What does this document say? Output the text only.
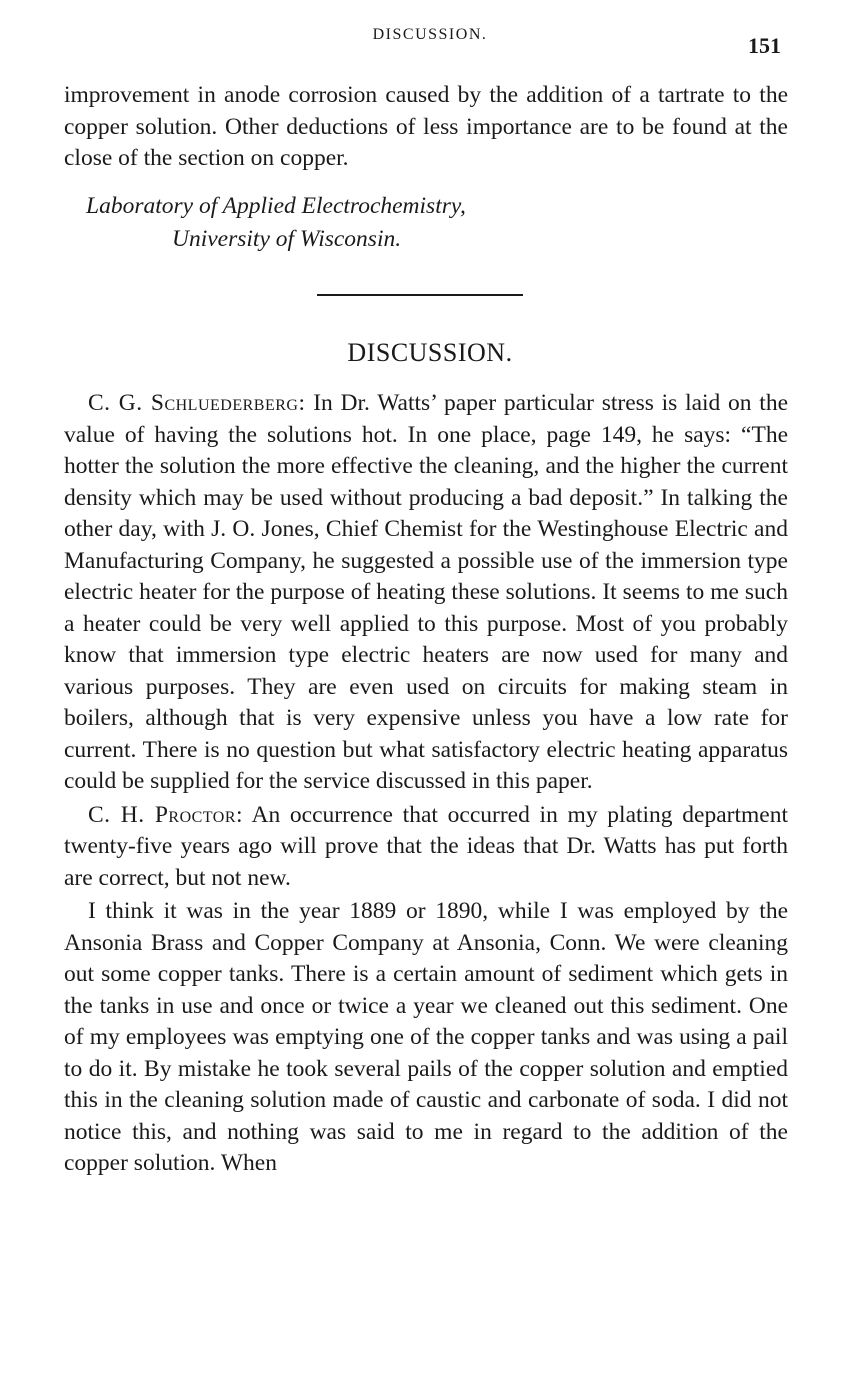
DISCUSSION.	151

improvement in anode corrosion caused by the addition of a tartrate to the copper solution. Other deductions of less importance are to be found at the close of the section on copper.

Laboratory of Applied Electrochemistry,
University of Wisconsin.
DISCUSSION.

C. G. Schluederberg: In Dr. Watts’ paper particular stress is laid on the value of having the solutions hot. In one place, page 149, he says: “The hotter the solution the more effective the cleaning, and the higher the current density which may be used without producing a bad deposit.” In talking the other day, with J. O. Jones, Chief Chemist for the Westinghouse Electric and Manufacturing Company, he suggested a possible use of the immersion type electric heater for the purpose of heating these solutions. It seems to me such a heater could be very well applied to this purpose. Most of you probably know that immersion type electric heaters are now used for many and various purposes. They are even used on circuits for making steam in boilers, although that is very expensive unless you have a low rate for current. There is no question but what satisfactory electric heating apparatus could be supplied for the service discussed in this paper.

C. H. Proctor: An occurrence that occurred in my plating department twenty-five years ago will prove that the ideas that Dr. Watts has put forth are correct, but not new.

I think it was in the year 1889 or 1890, while I was employed by the Ansonia Brass and Copper Company at Ansonia, Conn. We were cleaning out some copper tanks. There is a certain amount of sediment which gets in the tanks in use and once or twice a year we cleaned out this sediment. One of my employees was emptying one of the copper tanks and was using a pail to do it. By mistake he took several pails of the copper solution and emptied this in the cleaning solution made of caustic and carbonate of soda. I did not notice this, and nothing was said to me in regard to the addition of the copper solution. When
